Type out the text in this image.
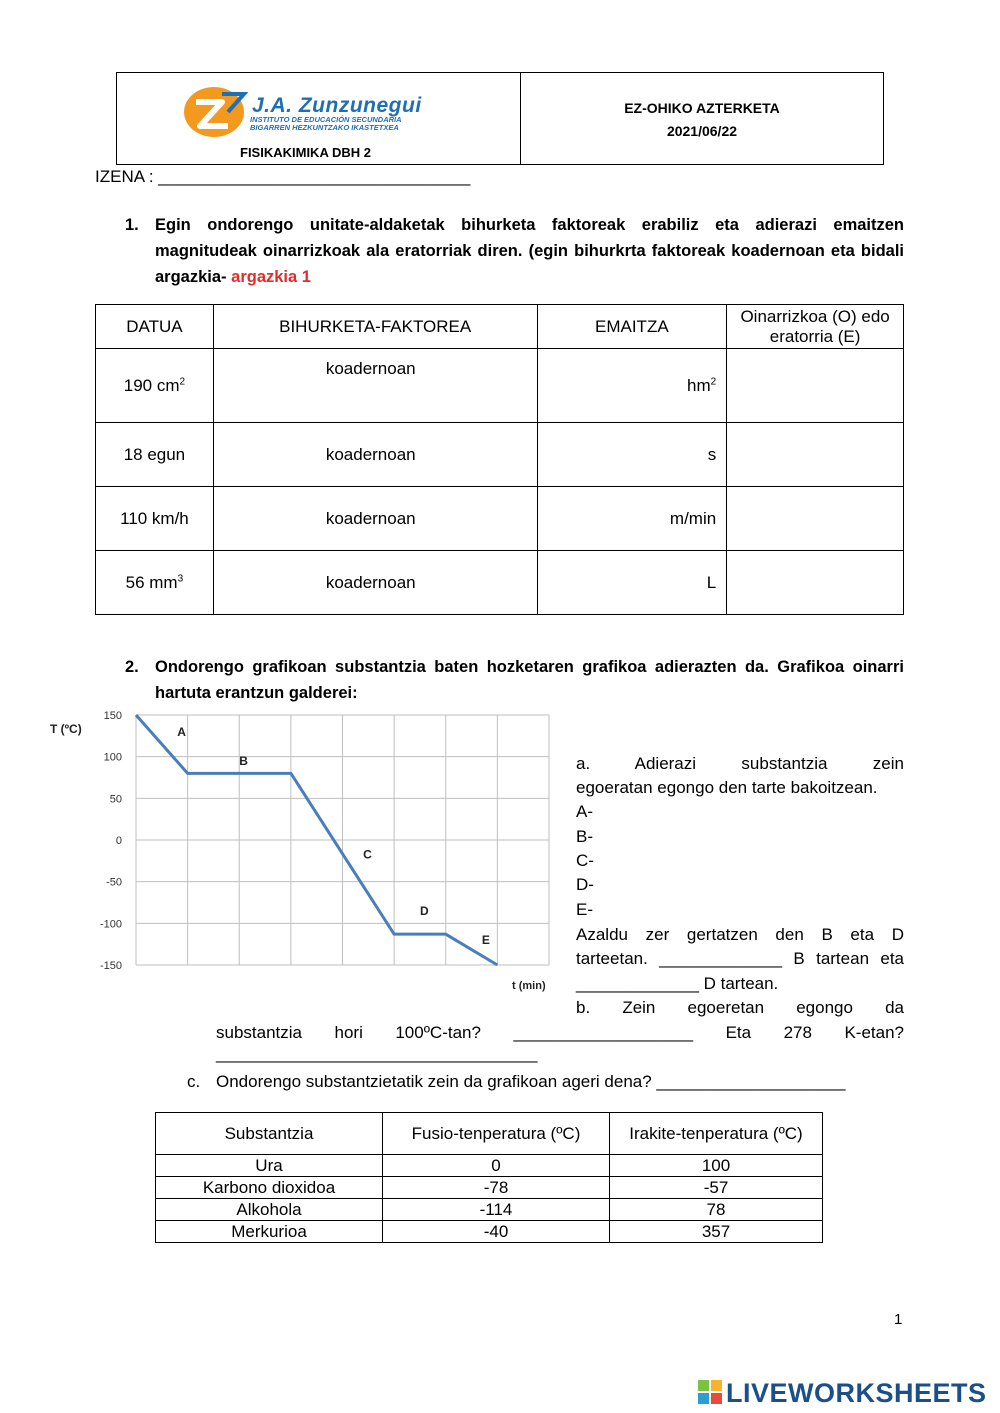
J.A. Zunzunegui
INSTITUTO DE EDUCACIÓN SECUNDARIA
BIGARREN HEZKUNTZAKO IKASTETXEA
FISIKAKIMIKA DBH 2
EZ-OHIKO AZTERKETA
2021/06/22
IZENA : _________________________________
1. Egin ondorengo unitate-aldaketak bihurketa faktoreak erabiliz eta adierazi emaitzen magnitudeak oinarrizkoak ala eratorriak diren. (egin bihurkrta faktoreak koadernoan eta bidali argazkia- argazkia 1
DATUA	BIHURKETA-FAKTOREA	EMAITZA	Oinarrizkoa (O) edo eratorria (E)
190 $cm^2$	koadernoan	$hm^2$	
18 egun	koadernoan	s	
110 km/h	koadernoan	m/min	
56 $mm^3$	koadernoan	L	
2. Ondorengo grafikoan substantzia baten hozketaren grafikoa adierazten da. Grafikoa oinarri hartuta erantzun galderei:
150
100
50
0
-50
-100
-150
A
B
C
D
E
T (ºC)
t (min)
a. Adierazi substantzia zein
egoeratan egongo den tarte bakoitzean.
A-
B-
C-
D-
E-
Azaldu zer gertatzen den B eta D
tarteetan. _____________ B tartean eta
_____________ D tartean.
b. Zein egoeretan egongo da
substantzia hori 100ºC-tan? ___________________ Eta 278 K-etan?
__________________________________
c. Ondorengo substantzietatik zein da grafikoan ageri dena? ____________________
Substantzia	Fusio-tenperatura (ºC)	Irakite-tenperatura (ºC)
Ura	0	100
Karbono dioxidoa	-78	-57
Alkohola	-114	78
Merkurioa	-40	357
1
LIVEWORKSHEETS
